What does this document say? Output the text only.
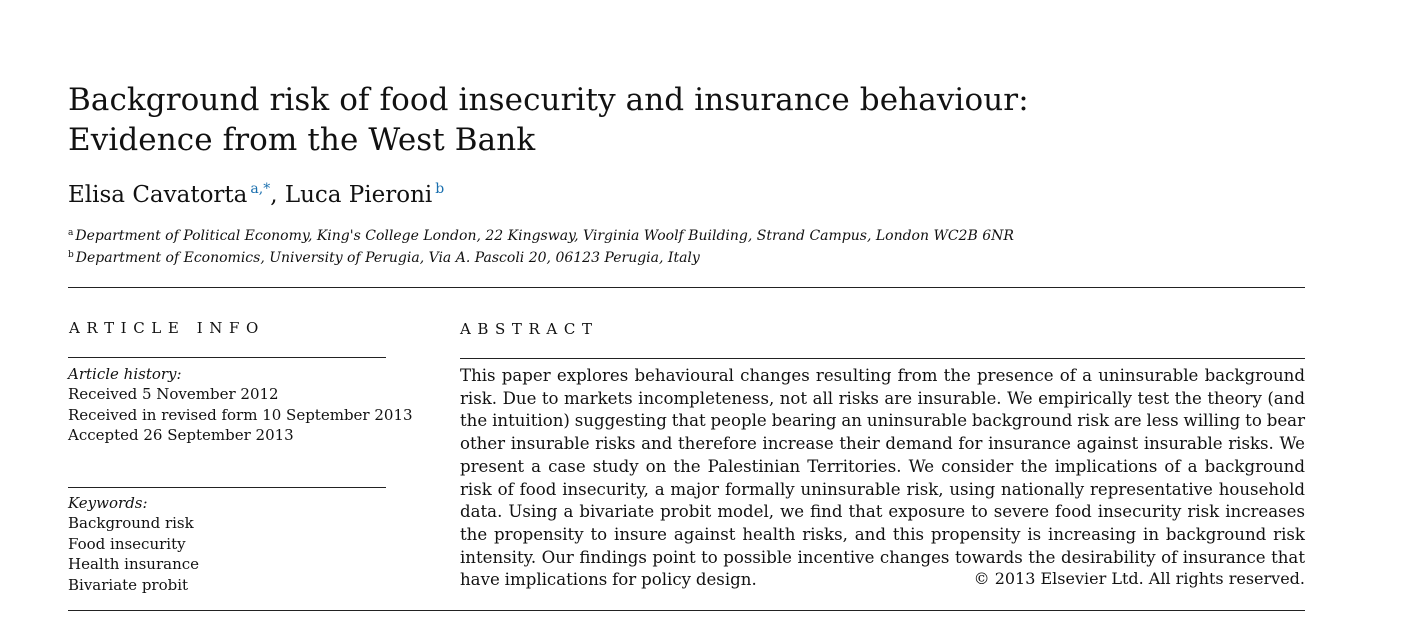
Background risk of food insecurity and insurance behaviour: Evidence from the West Bank
Elisa Cavatorta $^{a,*}$, Luca Pieroni $^b$
$^a$ Department of Political Economy, King's College London, 22 Kingsway, Virginia Woolf Building, Strand Campus, London WC2B 6NR
$^b$ Department of Economics, University of Perugia, Via A. Pascoli 20, 06123 Perugia, Italy
ARTICLE INFO	ABSTRACT
Article history:
Received 5 November 2012
Received in revised form 10 September 2013
Accepted 26 September 2013
Keywords:
Background risk
Food insecurity
Health insurance
Bivariate probit

This paper explores behavioural changes resulting from the presence of a uninsurable background risk. Due to markets incompleteness, not all risks are insurable. We empirically test the theory (and the intuition) suggesting that people bearing an uninsurable background risk are less willing to bear other insurable risks and therefore increase their demand for insurance against insurable risks. We present a case study on the Palestinian Territories. We consider the implications of a background risk of food insecurity, a major formally uninsurable risk, using nationally representative household data. Using a bivariate probit model, we find that exposure to severe food insecurity risk increases the propensity to insure against health risks, and this propensity is increasing in background risk intensity. Our findings point to possible incentive changes towards the desirability of insurance that have implications for policy design.	© 2013 Elsevier Ltd. All rights reserved.
